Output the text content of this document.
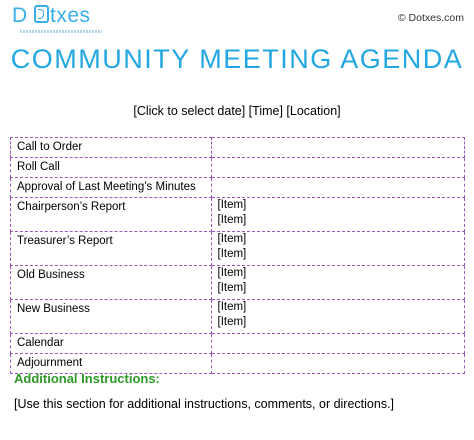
D txes	© Dotxes.com
COMMUNITY MEETING AGENDA
[Click to select date] [Time] [Location]
Call to Order	
Roll Call	
Approval of Last Meeting’s Minutes	
Chairperson’s Report	[Item]
[Item]

Treasurer’s Report	[Item]
[Item]

Old Business	[Item]
[Item]

New Business	[Item]
[Item]

Calendar	
Adjournment	
Additional Instructions:
[Use this section for additional instructions, comments, or directions.]
